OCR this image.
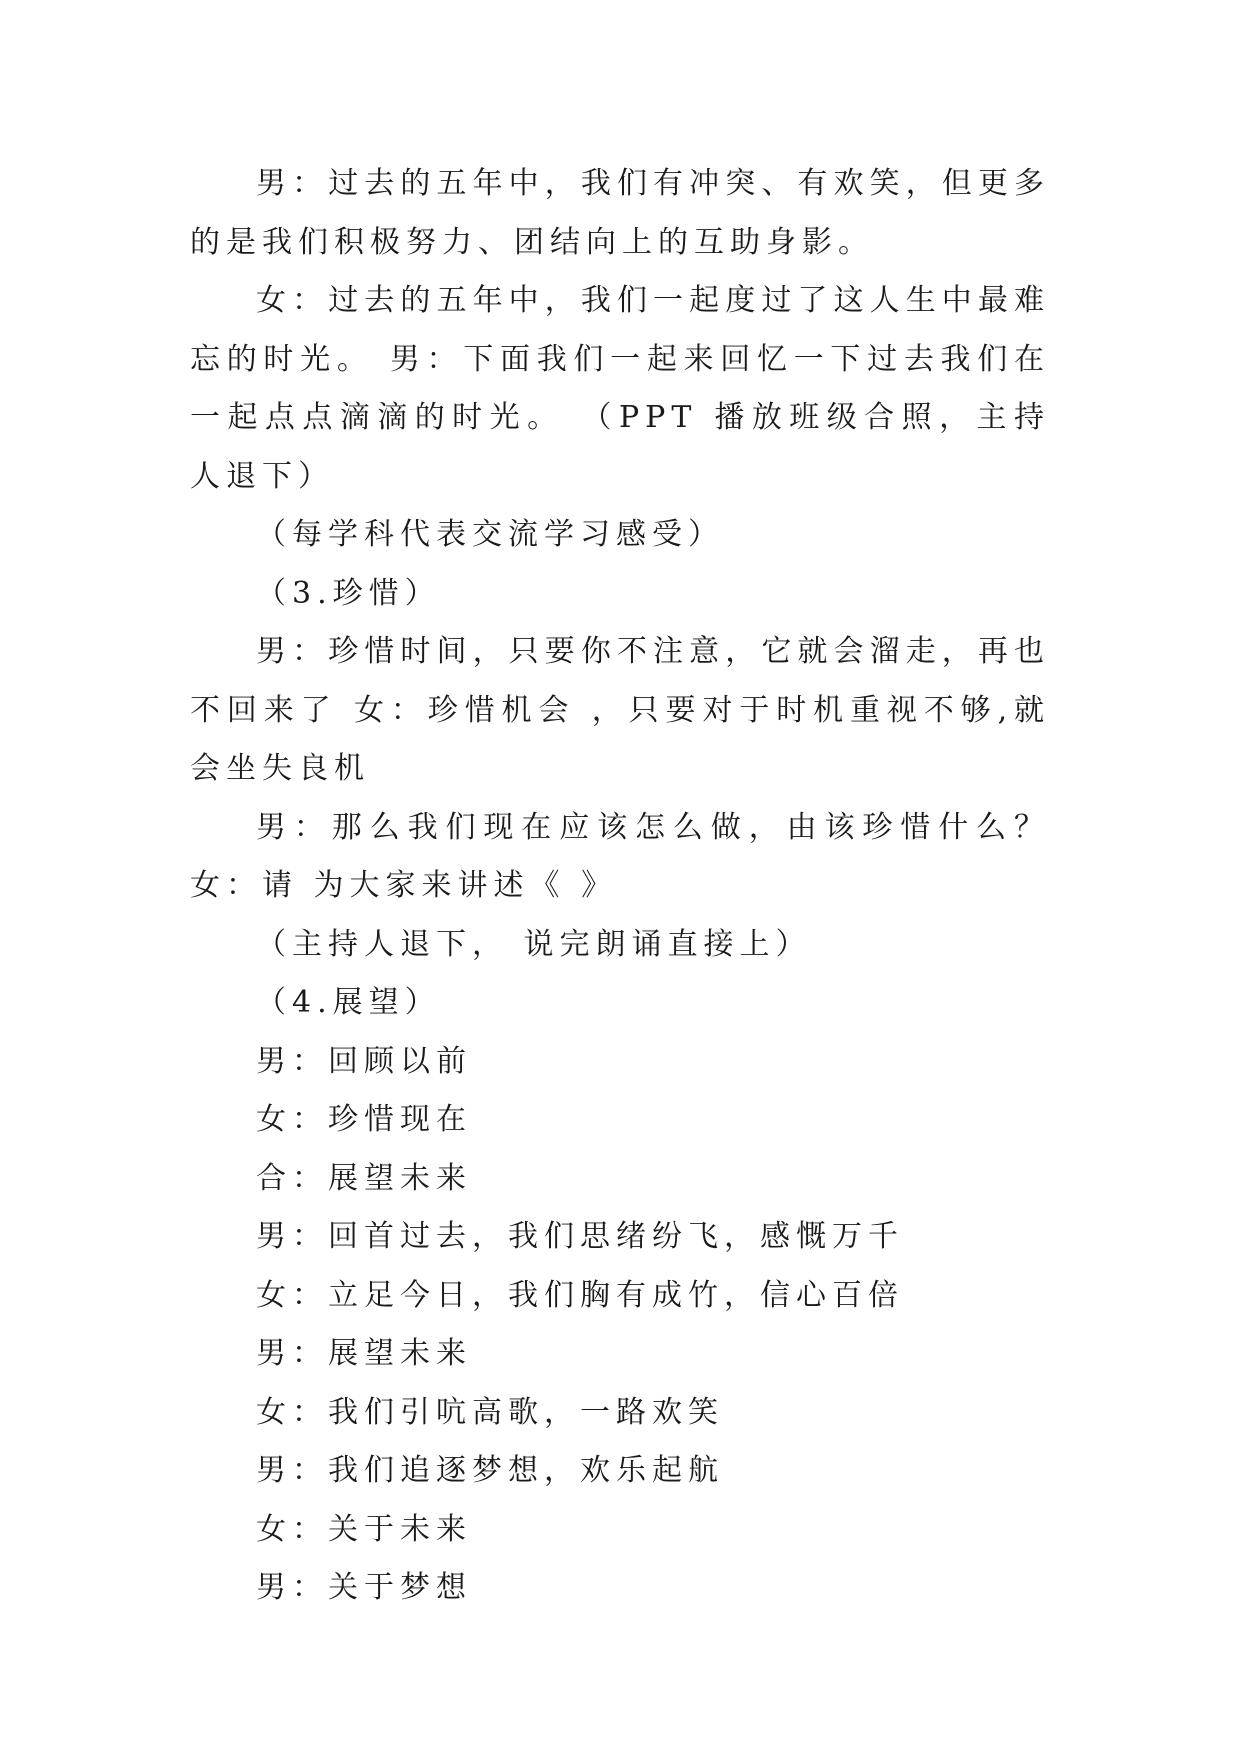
男：过去的五年中，我们有冲突、有欢笑，但更多的是我们积极努力、团结向上的互助身影。

女：过去的五年中，我们一起度过了这人生中最难忘的时光。 男：下面我们一起来回忆一下过去我们在一起点点滴滴的时光。 （PPT 播放班级合照，主持人退下）

（每学科代表交流学习感受）

（3.珍惜）

男：珍惜时间，只要你不注意，它就会溜走，再也不回来了 女：珍惜机会 ，只要对于时机重视不够,就会坐失良机

男：那么我们现在应该怎么做，由该珍惜什么？ 女：请 为大家来讲述《 》

（主持人退下， 说完朗诵直接上）

（4.展望）

男：回顾以前

女：珍惜现在

合：展望未来

男：回首过去，我们思绪纷飞，感慨万千

女：立足今日，我们胸有成竹，信心百倍

男：展望未来

女：我们引吭高歌，一路欢笑

男：我们追逐梦想，欢乐起航

女：关于未来

男：关于梦想
